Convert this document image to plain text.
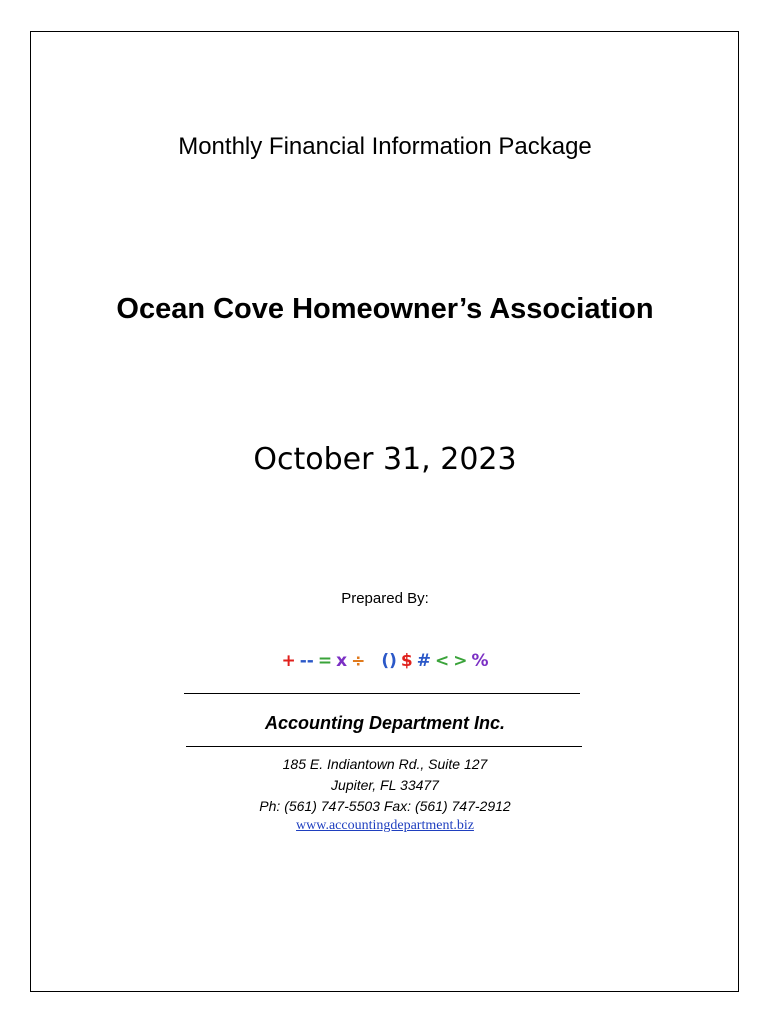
Monthly Financial Information Package
Ocean Cove Homeowner’s Association
October 31, 2023
Prepared By:
+ -- = x ÷ () $ # < > %
Accounting Department Inc.
185 E. Indiantown Rd., Suite 127
Jupiter, FL 33477
Ph: (561) 747-5503 Fax: (561) 747-2912
www.accountingdepartment.biz
